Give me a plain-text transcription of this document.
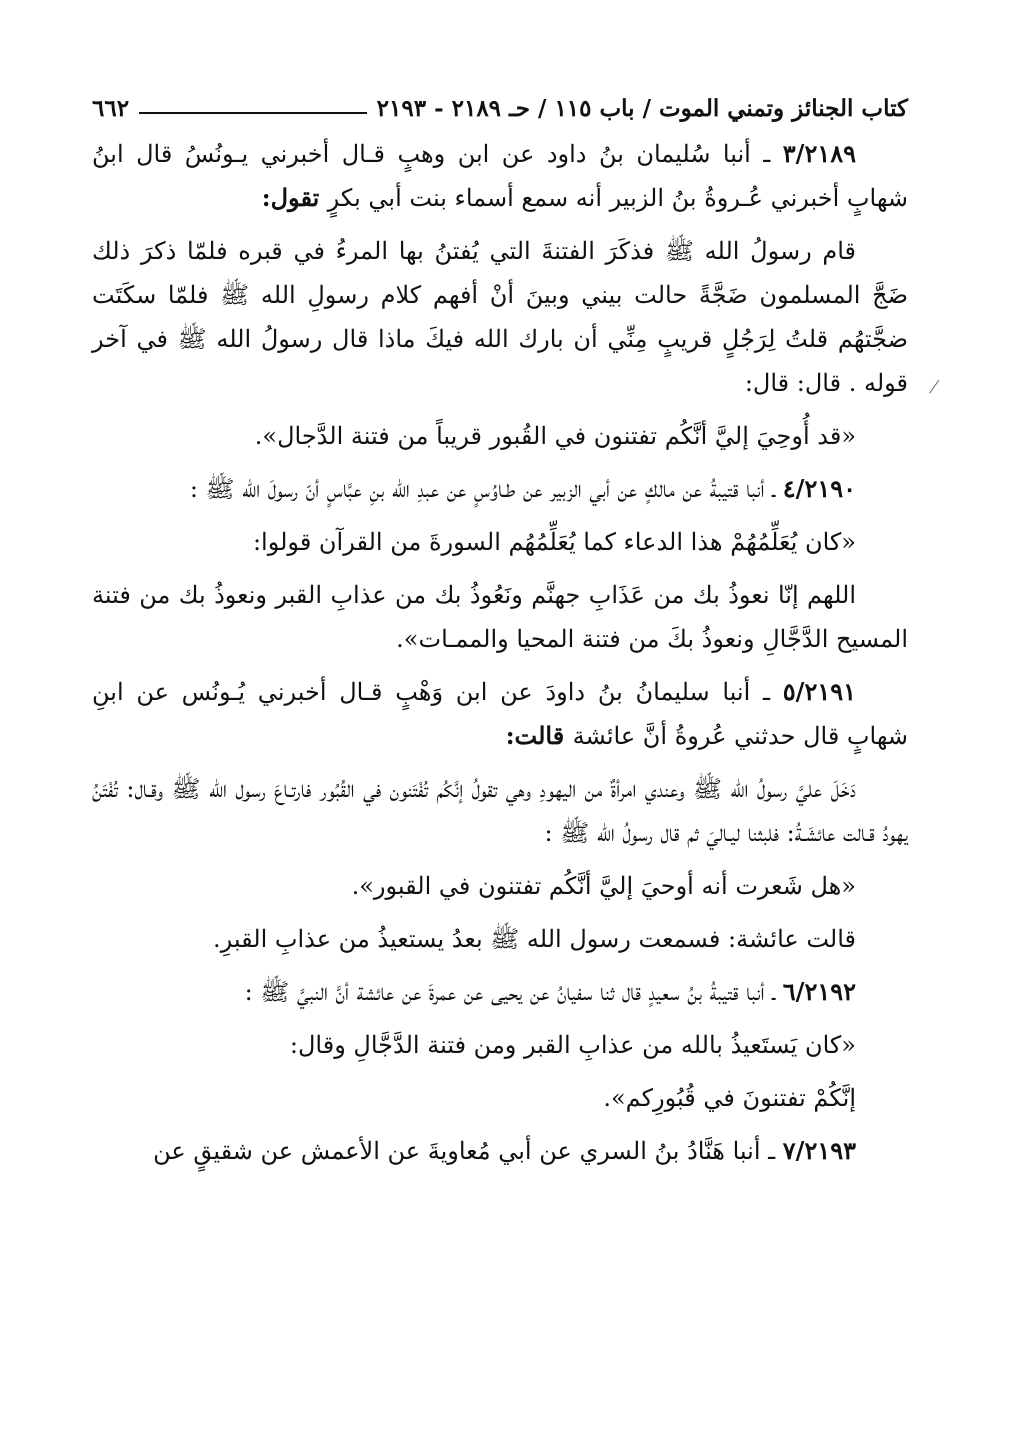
كتاب الجنائز وتمني الموت / باب ١١٥ / حـ ٢١٨٩ - ٢١٩٣
٦٦٢

٣/٢١٨٩ ـ أنبا سُليمان بنُ داود عن ابن وهبٍ قـال أخبرني يـونُسُ قال ابنُ شهابٍ أخبرني عُـروةُ بنُ الزبير أنه سمع أسماء بنت أبي بكرٍ تقول:

قام رسولُ الله ﷺ فذكَرَ الفتنةَ التي يُفتنُ بها المرءُ في قبره فلمّا ذكرَ ذلك ضَجَّ المسلمون ضَجَّةً حالت بيني وبينَ أنْ أفهم كلام رسولِ الله ﷺ فلمّا سكَتَت ضجَّتهُم قلتُ لِرَجُلٍ قريبٍ مِنِّي أن بارك الله فيكَ ماذا قال رسولُ الله ﷺ في آخر قوله . قال: قال:

«قد أُوحِيَ إليَّ أنَّكُم تفتنون في القُبور قريباً من فتنة الدَّجال».

٤/٢١٩٠ ـ أنبا قتيبةُ عن مالكٍ عن أبي الزبير عن طـاوُسٍ عن عبدِ الله بنِ عبَّاسٍ أنّ رسولَ الله ﷺ :

«كان يُعَلِّمُهُمْ هذا الدعاء كما يُعَلِّمُهُم السورةَ من القرآن قولوا:

اللهم إنّا نعوذُ بك من عَذَابِ جهنَّم ونَعُوذُ بك من عذابِ القبر ونعوذُ بك من فتنة المسيح الدَّجَّالِ ونعوذُ بكَ من فتنة المحيا والممـات».

٥/٢١٩١ ـ أنبا سليمانُ بنُ داودَ عن ابن وَهْبٍ قـال أخبرني يُـونُس عن ابنِ شهابٍ قال حدثني عُروةُ أنَّ عائشة قالت:

دَخَلَ عليَّ رسولُ الله ﷺ وعندي امرأةٌ من اليهودِ وهي تقولُ إنَّكُم تُفْتَنون في القُبُور فارتـاعَ رسول الله ﷺ وقـال: تُفْتَنُ يهودُ قـالت عائشَـةُ: فلبثنا ليـاليَ ثم قال رسولُ الله ﷺ :

«هل شَعرت أنه أوحيَ إليَّ أنَّكُم تفتنون في القبور».

قالت عائشة: فسمعت رسول الله ﷺ بعدُ يستعيذُ من عذابِ القبرِ.

٦/٢١٩٢ ـ أنبا قتيبةُ بنُ سعيدٍ قال ثنا سفيانُ عن يحيى عن عمرةَ عن عائشة أنَّ النبيَّ ﷺ :

«كان يَستَعيذُ بالله من عذابِ القبر ومن فتنة الدَّجَّالِ وقال:

إنَّكُمْ تفتنونَ في قُبُورِكم».

٧/٢١٩٣ ـ أنبا هَنَّادُ بنُ السري عن أبي مُعاويةَ عن الأعمش عن شقيقٍ عن
